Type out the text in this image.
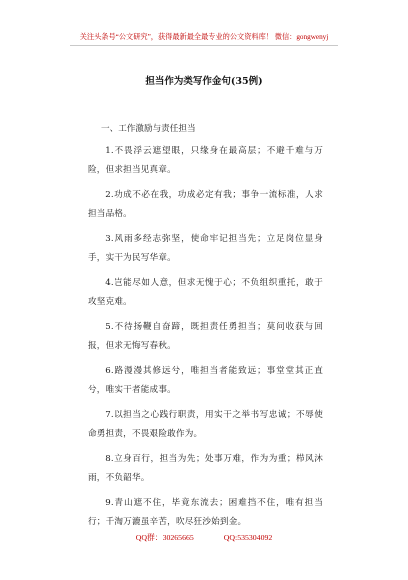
关注头条号“公文研究”，获得最新最全最专业的公文资料库！ 微信：gongwenyj
担当作为类写作金句(35例)
一、工作激励与责任担当
1.不畏浮云遮望眼，只缘身在最高层；不避千难与万险，但求担当见真章。
2.功成不必在我，功成必定有我；事争一流标准，人求担当品格。
3.风雨多经志弥坚，使命牢记担当先；立足岗位显身手，实干为民写华章。
4.岂能尽如人意，但求无愧于心；不负组织重托，敢于攻坚克难。
5.不待扬鞭自奋蹄，既担责任勇担当；莫问收获与回报，但求无悔写春秋。
6.路漫漫其修远兮，唯担当者能致远；事堂堂其正直兮，唯实干者能成事。
7.以担当之心践行职责，用实干之举书写忠诚；不辱使命勇担责，不畏艰险敢作为。
8.立身百行，担当为先；处事万难，作为为重；栉风沐雨，不负韶华。
9.青山遮不住，毕竟东流去；困难挡不住，唯有担当行；千淘万漉虽辛苦，吹尽狂沙始到金。
QQ群：30265665	QQ:535304092
